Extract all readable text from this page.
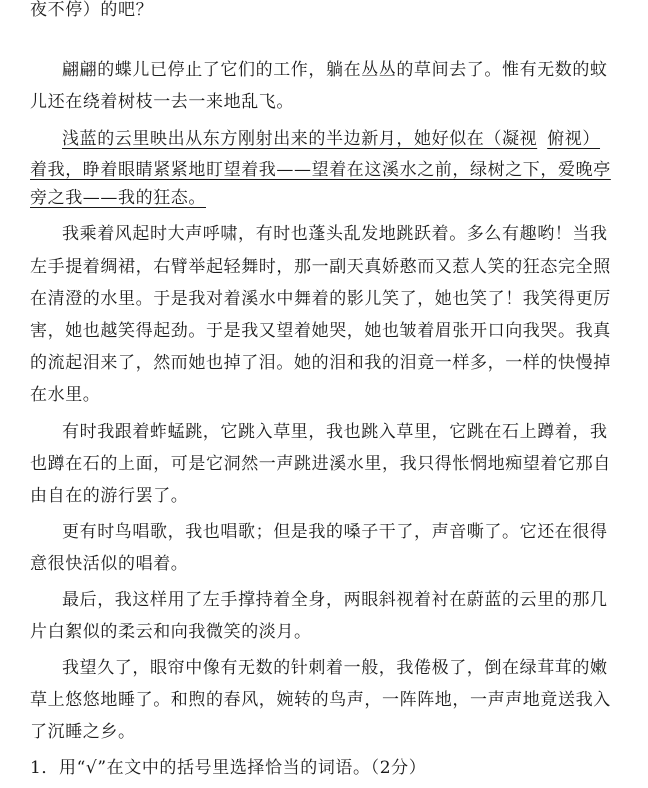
夜不停）的吧？
翩翩的蝶儿已停止了它们的工作，躺在丛丛的草间去了。惟有无数的蚊
儿还在绕着树枝一去一来地乱飞。
浅蓝的云里映出从东方刚射出来的半边新月，她好似在（凝视 俯视）
着我，睁着眼睛紧紧地盯望着我——望着在这溪水之前，绿树之下，爱晚亭
旁之我——我的狂态。
我乘着风起时大声呼啸，有时也蓬头乱发地跳跃着。多么有趣哟！当我
左手提着绸裙，右臂举起轻舞时，那一副天真娇憨而又惹人笑的狂态完全照
在清澄的水里。于是我对着溪水中舞着的影儿笑了，她也笑了！我笑得更厉
害，她也越笑得起劲。于是我又望着她哭，她也皱着眉张开口向我哭。我真
的流起泪来了，然而她也掉了泪。她的泪和我的泪竟一样多，一样的快慢掉
在水里。
有时我跟着蚱蜢跳，它跳入草里，我也跳入草里，它跳在石上蹲着，我
也蹲在石的上面，可是它洞然一声跳进溪水里，我只得怅惘地痴望着它那自
由自在的游行罢了。
更有时鸟唱歌，我也唱歌；但是我的嗓子干了，声音嘶了。它还在很得
意很快活似的唱着。
最后，我这样用了左手撑持着全身，两眼斜视着衬在蔚蓝的云里的那几
片白絮似的柔云和向我微笑的淡月。
我望久了，眼帘中像有无数的针刺着一般，我倦极了，倒在绿茸茸的嫩
草上悠悠地睡了。和煦的春风，婉转的鸟声，一阵阵地，一声声地竟送我入
了沉睡之乡。
1．用“√”在文中的括号里选择恰当的词语。（2分）
